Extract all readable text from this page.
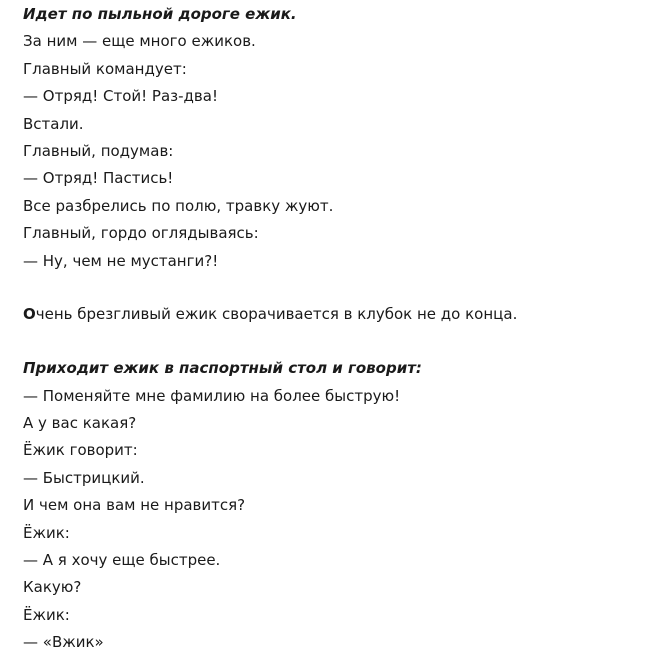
Идет по пыльной дороге ежик.
За ним — еще много ежиков.
Главный командует:
— Отряд! Стой! Раз-два!
Встали.
Главный, подумав:
— Отряд! Пастись!
Все разбрелись по полю, травку жуют.
Главный, гордо оглядываясь:
— Ну, чем не мустанги?!
Очень брезгливый ежик сворачивается в клубок не до конца.
Приходит ежик в паспортный стол и говорит:
— Поменяйте мне фамилию на более быструю!
А у вас какая?
Ёжик говорит:
— Быстрицкий.
И чем она вам не нравится?
Ёжик:
— А я хочу еще быстрее.
Какую?
Ёжик:
— «Вжик»
